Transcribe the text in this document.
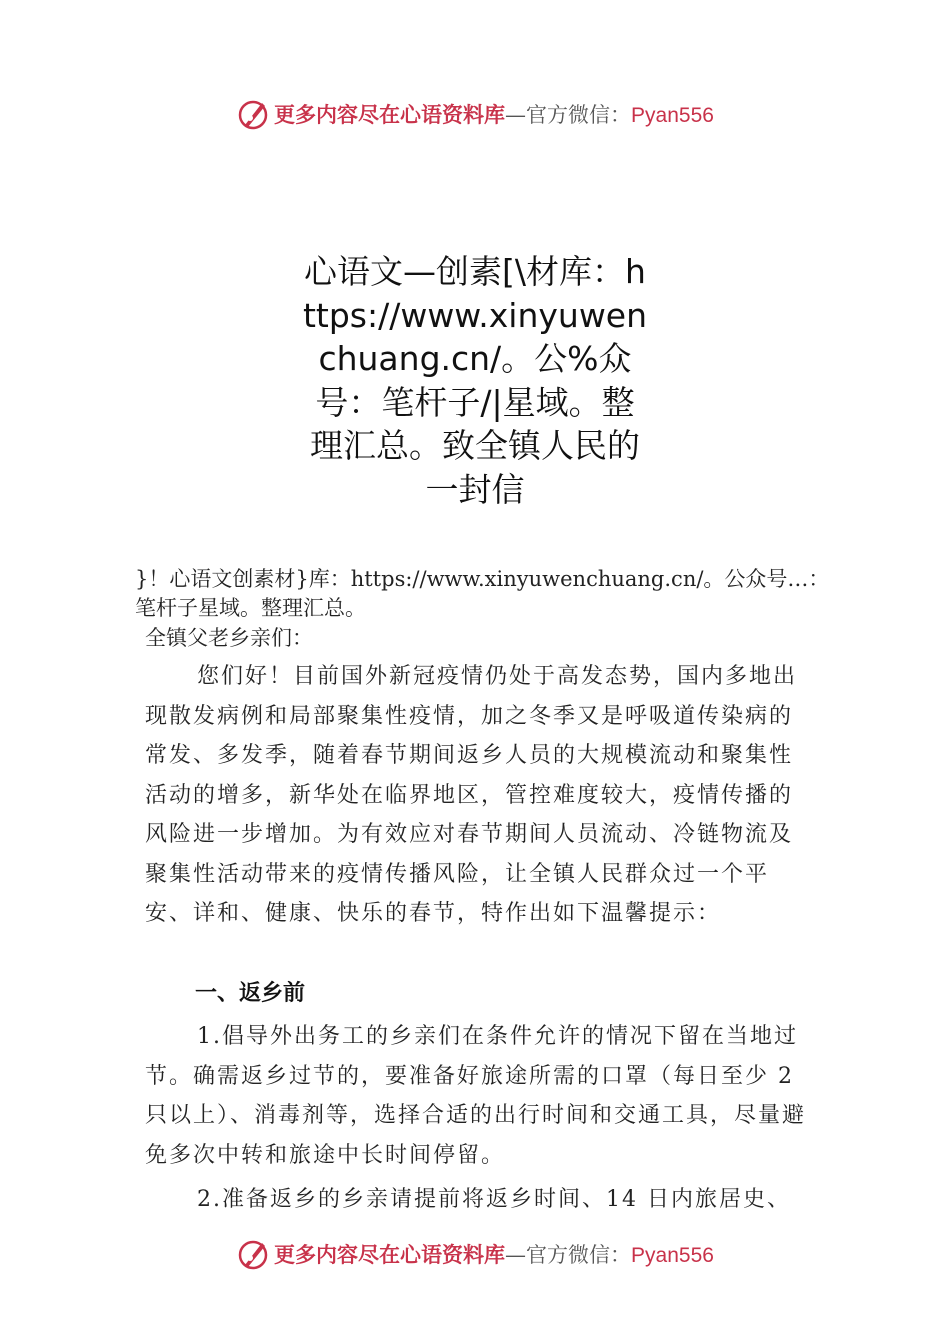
更多内容尽在心语资料库—官方微信：Pyan556
心语文—创素[\材库：https://www.xinyuwenchuang.cn/。公%众号：笔杆子/|星域。整理汇总。致全镇人民的一封信
}！心语文创素材}库：https://www.xinyuwenchuang.cn/。公众号…：笔杆子星域。整理汇总。
全镇父老乡亲们：

您们好！目前国外新冠疫情仍处于高发态势，国内多地出现散发病例和局部聚集性疫情，加之冬季又是呼吸道传染病的常发、多发季，随着春节期间返乡人员的大规模流动和聚集性活动的增多，新华处在临界地区，管控难度较大，疫情传播的风险进一步增加。为有效应对春节期间人员流动、冷链物流及聚集性活动带来的疫情传播风险，让全镇人民群众过一个平安、详和、健康、快乐的春节，特作出如下温馨提示：

一、返乡前

1.倡导外出务工的乡亲们在条件允许的情况下留在当地过节。确需返乡过节的，要准备好旅途所需的口罩（每日至少 2 只以上）、消毒剂等，选择合适的出行时间和交通工具，尽量避免多次中转和旅途中长时间停留。

2.准备返乡的乡亲请提前将返乡时间、14 日内旅居史、

更多内容尽在心语资料库—官方微信：Pyan556
